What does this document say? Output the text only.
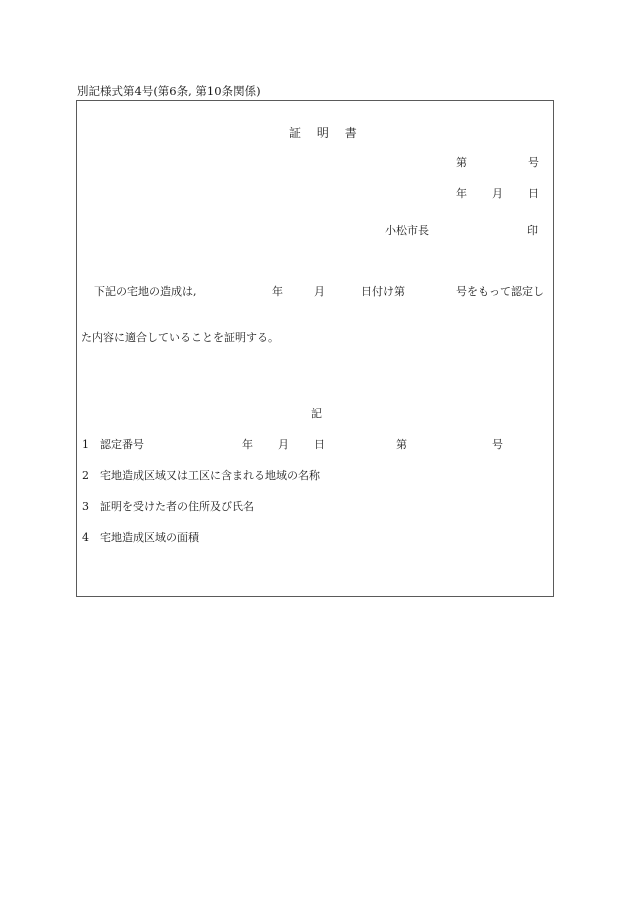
別記様式第4号(第6条, 第10条関係)
証 明 書
第	号
年 月 日
小松市長	印
下記の宅地の造成は,	年	月	日付け第	号をもって認定し
た内容に適合していることを証明する。
記
1 認定番号	年 月 日	第	号
2 宅地造成区域又は工区に含まれる地域の名称
3 証明を受けた者の住所及び氏名
4 宅地造成区域の面積
